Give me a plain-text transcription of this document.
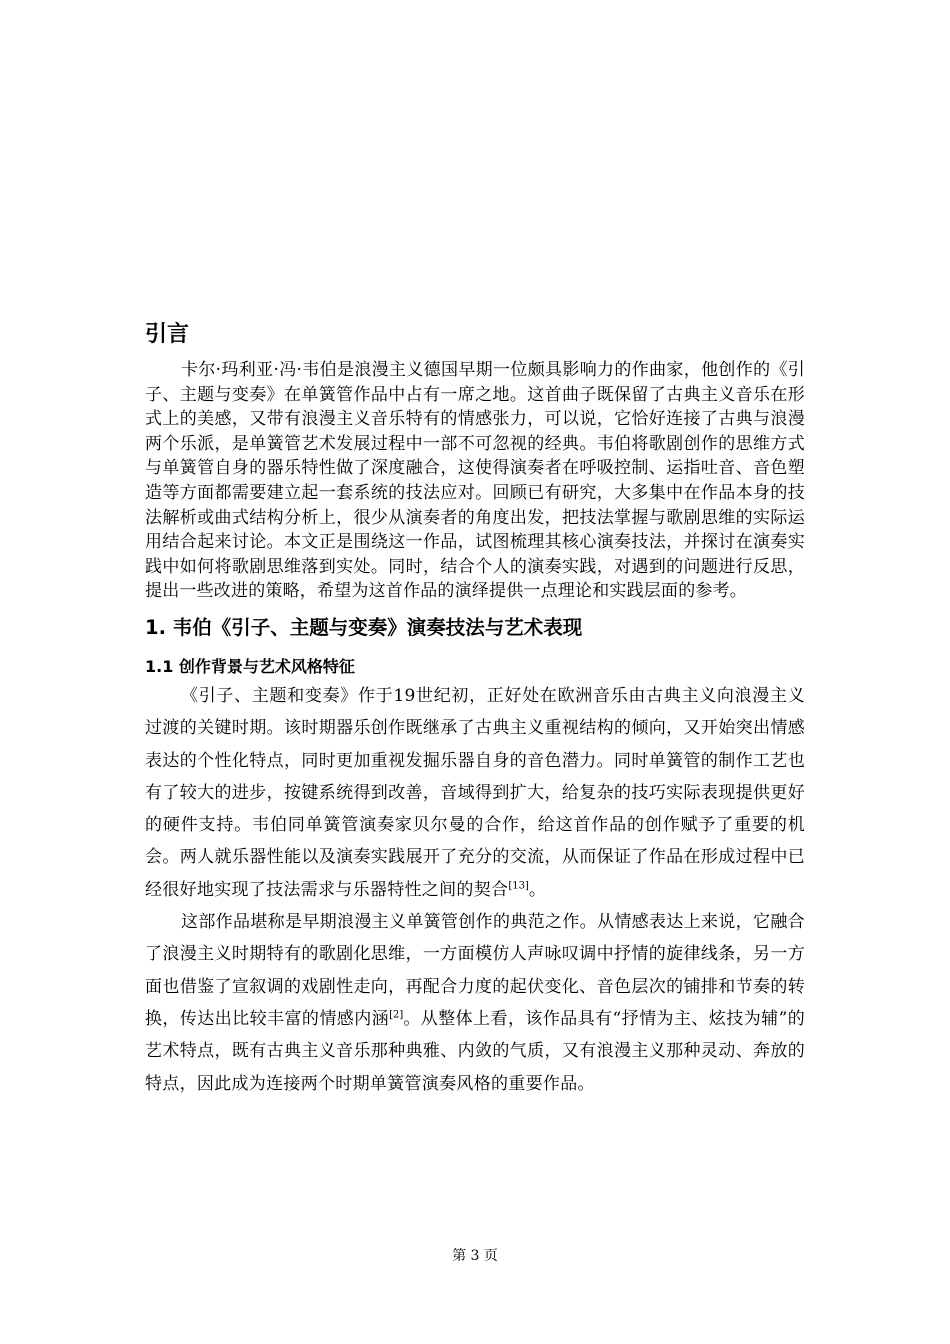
引言

卡尔·玛利亚·冯·韦伯是浪漫主义德国早期一位颇具影响力的作曲家，他创作的《引子、主题与变奏》在单簧管作品中占有一席之地。这首曲子既保留了古典主义音乐在形式上的美感，又带有浪漫主义音乐特有的情感张力，可以说，它恰好连接了古典与浪漫两个乐派，是单簧管艺术发展过程中一部不可忽视的经典。韦伯将歌剧创作的思维方式与单簧管自身的器乐特性做了深度融合，这使得演奏者在呼吸控制、运指吐音、音色塑造等方面都需要建立起一套系统的技法应对。回顾已有研究，大多集中在作品本身的技法解析或曲式结构分析上，很少从演奏者的角度出发，把技法掌握与歌剧思维的实际运用结合起来讨论。本文正是围绕这一作品，试图梳理其核心演奏技法，并探讨在演奏实践中如何将歌剧思维落到实处。同时，结合个人的演奏实践，对遇到的问题进行反思，提出一些改进的策略，希望为这首作品的演绎提供一点理论和实践层面的参考。

1. 韦伯《引子、主题与变奏》演奏技法与艺术表现
1.1 创作背景与艺术风格特征

《引子、主题和变奏》作于19世纪初，正好处在欧洲音乐由古典主义向浪漫主义过渡的关键时期。该时期器乐创作既继承了古典主义重视结构的倾向，又开始突出情感表达的个性化特点，同时更加重视发掘乐器自身的音色潜力。同时单簧管的制作工艺也有了较大的进步，按键系统得到改善，音域得到扩大，给复杂的技巧实际表现提供更好的硬件支持。韦伯同单簧管演奏家贝尔曼的合作，给这首作品的创作赋予了重要的机会。两人就乐器性能以及演奏实践展开了充分的交流，从而保证了作品在形成过程中已经很好地实现了技法需求与乐器特性之间的契合[13]。

这部作品堪称是早期浪漫主义单簧管创作的典范之作。从情感表达上来说，它融合了浪漫主义时期特有的歌剧化思维，一方面模仿人声咏叹调中抒情的旋律线条，另一方面也借鉴了宣叙调的戏剧性走向，再配合力度的起伏变化、音色层次的铺排和节奏的转换，传达出比较丰富的情感内涵[2]。从整体上看，该作品具有“抒情为主、炫技为辅”的艺术特点，既有古典主义音乐那种典雅、内敛的气质，又有浪漫主义那种灵动、奔放的特点，因此成为连接两个时期单簧管演奏风格的重要作品。

第 3 页
